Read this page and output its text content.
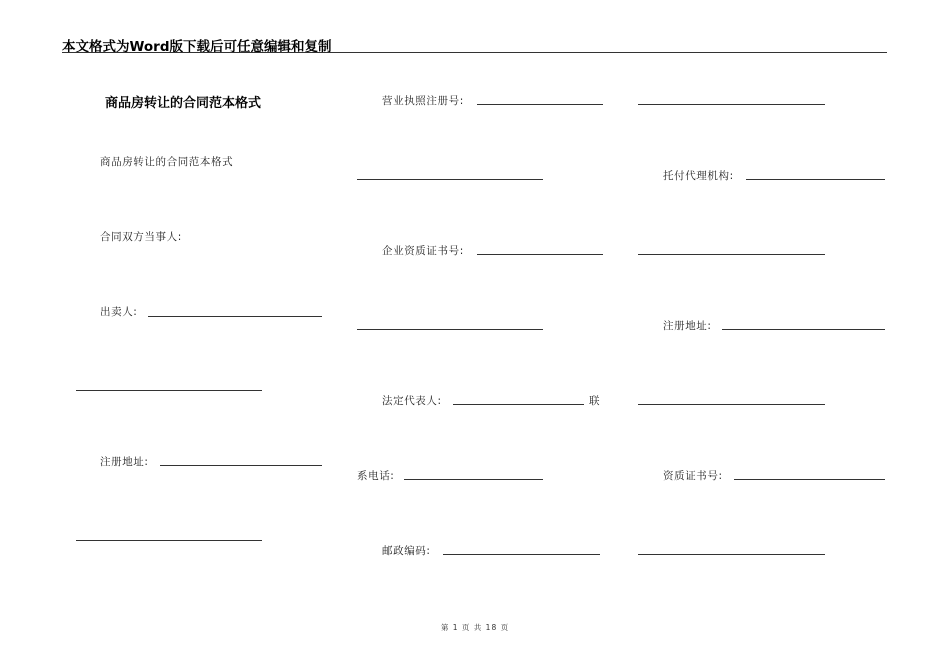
本文格式为Word版下载后可任意编辑和复制
商品房转让的合同范本格式
商品房转让的合同范本格式
合同双方当事人:
出卖人:
注册地址:
营业执照注册号:
企业资质证书号:
法定代表人:	联
系电话:
邮政编码:
托付代理机构:
注册地址:
资质证书号:
第 1 页 共 18 页
